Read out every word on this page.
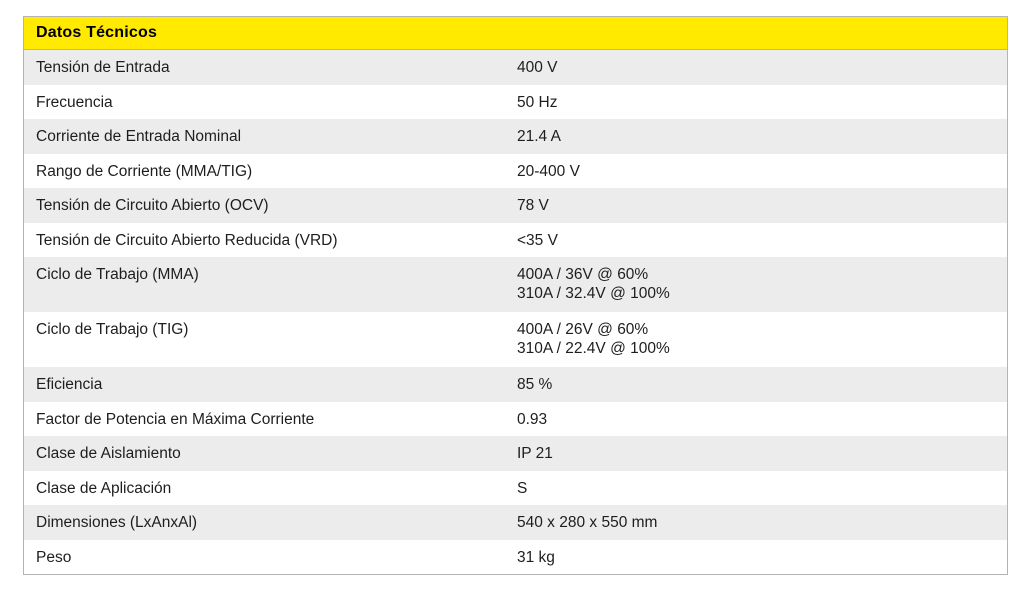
Datos Técnicos
Tensión de Entrada	400 V
Frecuencia	50 Hz
Corriente de Entrada Nominal	21.4 A
Rango de Corriente (MMA/TIG)	20-400 V
Tensión de Circuito Abierto (OCV)	78 V
Tensión de Circuito Abierto Reducida (VRD)	<35 V
Ciclo de Trabajo (MMA)	400A / 36V @ 60%
310A / 32.4V @ 100%
Ciclo de Trabajo (TIG)	400A / 26V @ 60%
310A / 22.4V @ 100%
Eficiencia	85 %
Factor de Potencia en Máxima Corriente	0.93
Clase de Aislamiento	IP 21
Clase de Aplicación	S
Dimensiones (LxAnxAl)	540 x 280 x 550 mm
Peso	31 kg
